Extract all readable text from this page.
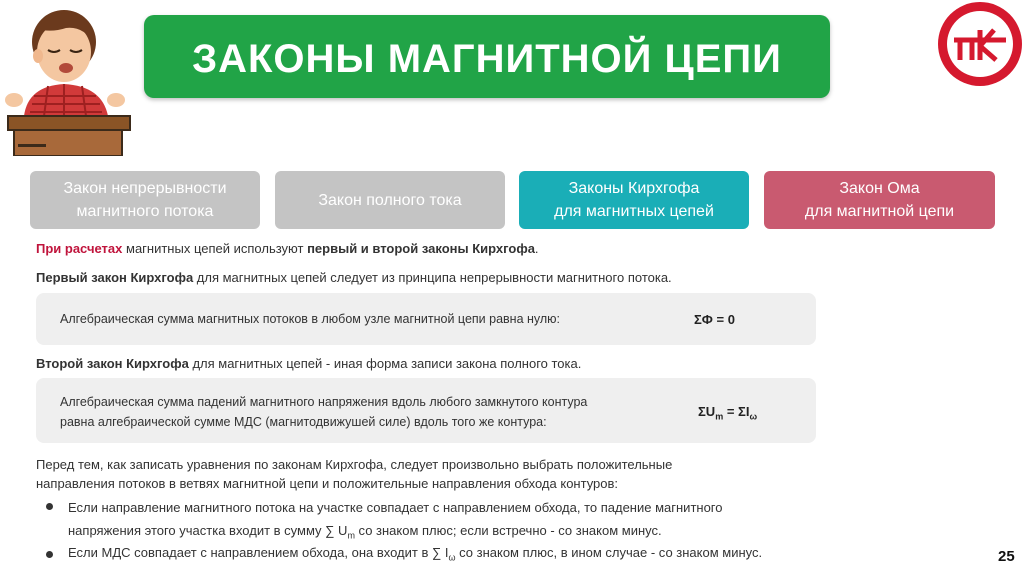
ЗАКОНЫ МАГНИТНОЙ ЦЕПИ
Закон непрерывности
магнитного потока
Закон полного тока
Законы Кирхгофа
для магнитных цепей
Закон Ома
для магнитной цепи
При расчетах магнитных цепей используют первый и второй законы Кирхгофа.
Первый закон Кирхгофа для магнитных цепей следует из принципа непрерывности магнитного потока.
Алгебраическая сумма магнитных потоков в любом узле магнитной цепи равна нулю:	ΣФ = 0
Второй закон Кирхгофа для магнитных цепей - иная форма записи закона полного тока.
Алгебраическая сумма падений магнитного напряжения вдоль любого замкнутого контура
равна алгебраической сумме МДС (магнитодвижушей силе) вдоль того же контура:
$\Sigma U_m = \Sigma I_\omega$
Перед тем, как записать уравнения по законам Кирхгофа, следует произвольно выбрать положительные
направления потоков в ветвях магнитной цепи и положительные направления обхода контуров:
Если направление магнитного потока на участке совпадает с направлением обхода, то падение магнитного
напряжения этого участка входит в сумму ∑ $U_m$ со знаком плюс; если встречно - со знаком минус.
Если МДС совпадает с направлением обхода, она входит в ∑ $I_\omega$ со знаком плюс, в ином случае - со знаком минус.	25
